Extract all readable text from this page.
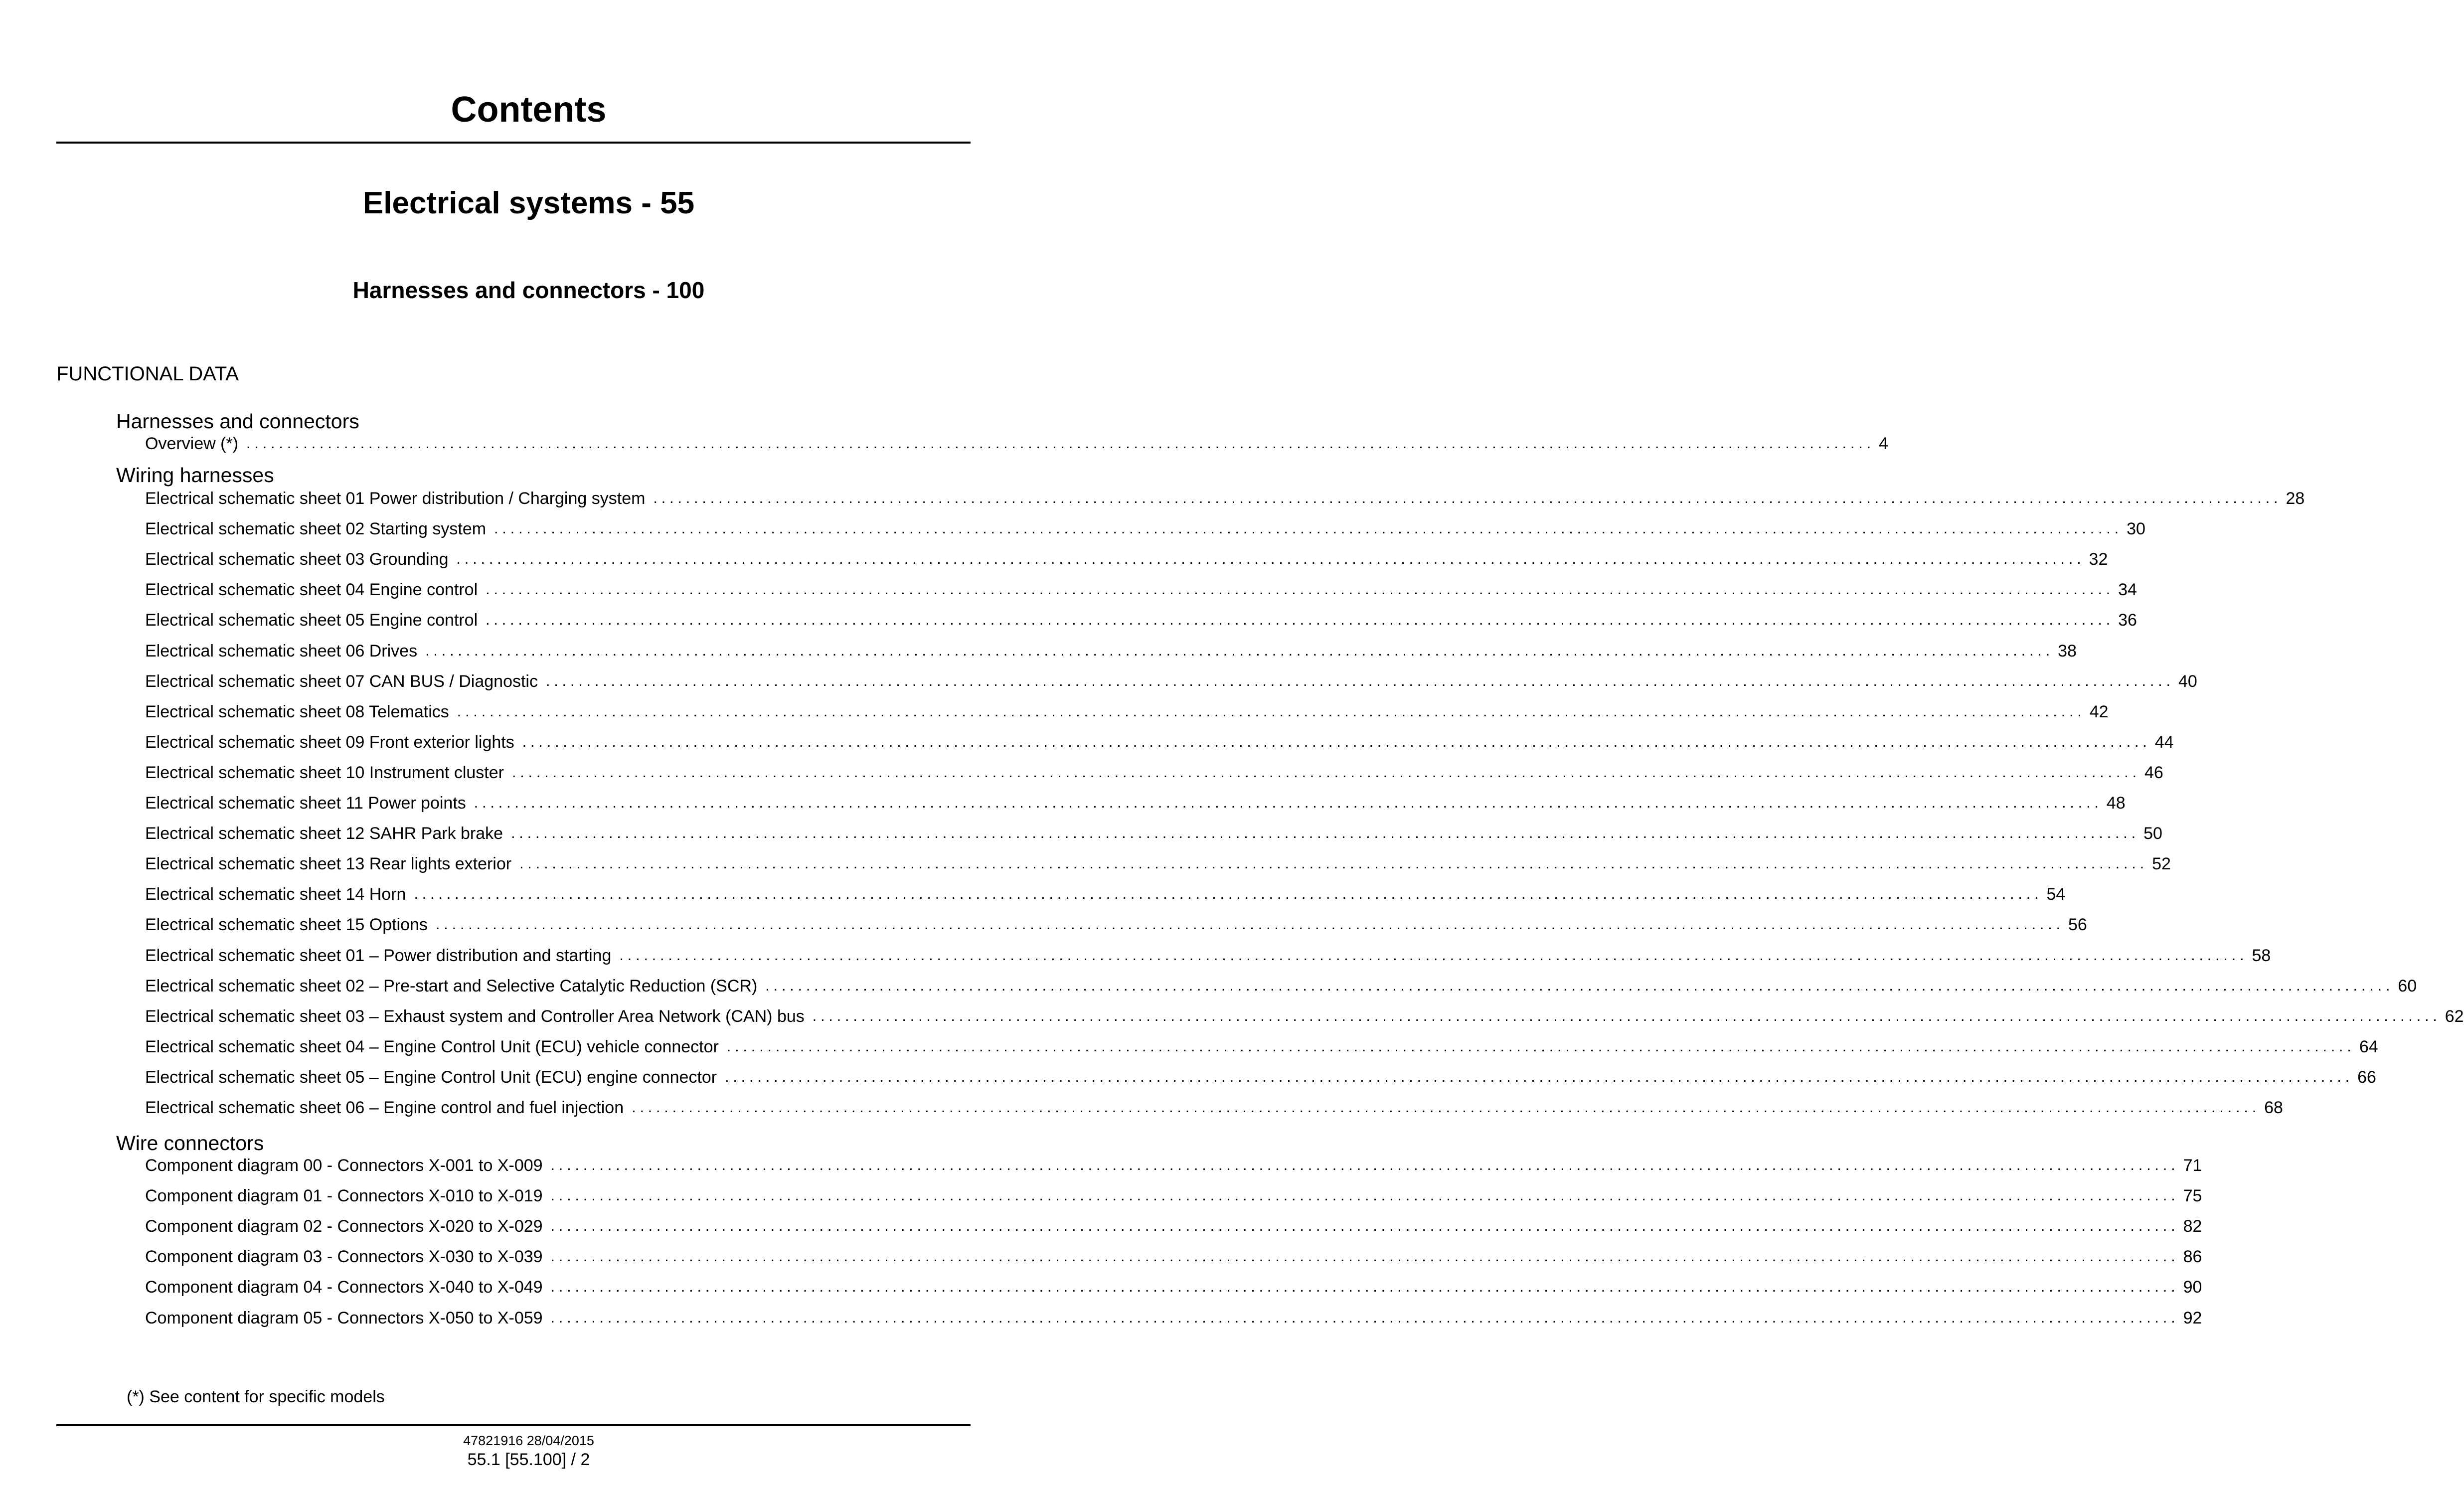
Contents
Electrical systems - 55
Harnesses and connectors - 100
FUNCTIONAL DATA
Harnesses and connectors
Overview (*) ........................................................................................................................................................................................................ 4
Wiring harnesses
Electrical schematic sheet 01 Power distribution / Charging system ........................................................................................................................................................................................................ 28
Electrical schematic sheet 02 Starting system ........................................................................................................................................................................................................ 30
Electrical schematic sheet 03 Grounding ........................................................................................................................................................................................................ 32
Electrical schematic sheet 04 Engine control ........................................................................................................................................................................................................ 34
Electrical schematic sheet 05 Engine control ........................................................................................................................................................................................................ 36
Electrical schematic sheet 06 Drives ........................................................................................................................................................................................................ 38
Electrical schematic sheet 07 CAN BUS / Diagnostic ........................................................................................................................................................................................................ 40
Electrical schematic sheet 08 Telematics ........................................................................................................................................................................................................ 42
Electrical schematic sheet 09 Front exterior lights ........................................................................................................................................................................................................ 44
Electrical schematic sheet 10 Instrument cluster ........................................................................................................................................................................................................ 46
Electrical schematic sheet 11 Power points ........................................................................................................................................................................................................ 48
Electrical schematic sheet 12 SAHR Park brake ........................................................................................................................................................................................................ 50
Electrical schematic sheet 13 Rear lights exterior ........................................................................................................................................................................................................ 52
Electrical schematic sheet 14 Horn ........................................................................................................................................................................................................ 54
Electrical schematic sheet 15 Options ........................................................................................................................................................................................................ 56
Electrical schematic sheet 01 – Power distribution and starting ........................................................................................................................................................................................................ 58
Electrical schematic sheet 02 – Pre-start and Selective Catalytic Reduction (SCR) ........................................................................................................................................................................................................ 60
Electrical schematic sheet 03 – Exhaust system and Controller Area Network (CAN) bus ........................................................................................................................................................................................................ 62
Electrical schematic sheet 04 – Engine Control Unit (ECU) vehicle connector ........................................................................................................................................................................................................ 64
Electrical schematic sheet 05 – Engine Control Unit (ECU) engine connector ........................................................................................................................................................................................................ 66
Electrical schematic sheet 06 – Engine control and fuel injection ........................................................................................................................................................................................................ 68
Wire connectors
Component diagram 00 - Connectors X-001 to X-009 ........................................................................................................................................................................................................ 71
Component diagram 01 - Connectors X-010 to X-019 ........................................................................................................................................................................................................ 75
Component diagram 02 - Connectors X-020 to X-029 ........................................................................................................................................................................................................ 82
Component diagram 03 - Connectors X-030 to X-039 ........................................................................................................................................................................................................ 86
Component diagram 04 - Connectors X-040 to X-049 ........................................................................................................................................................................................................ 90
Component diagram 05 - Connectors X-050 to X-059 ........................................................................................................................................................................................................ 92
(*) See content for specific models
47821916 28/04/2015
55.1 [55.100] / 2
